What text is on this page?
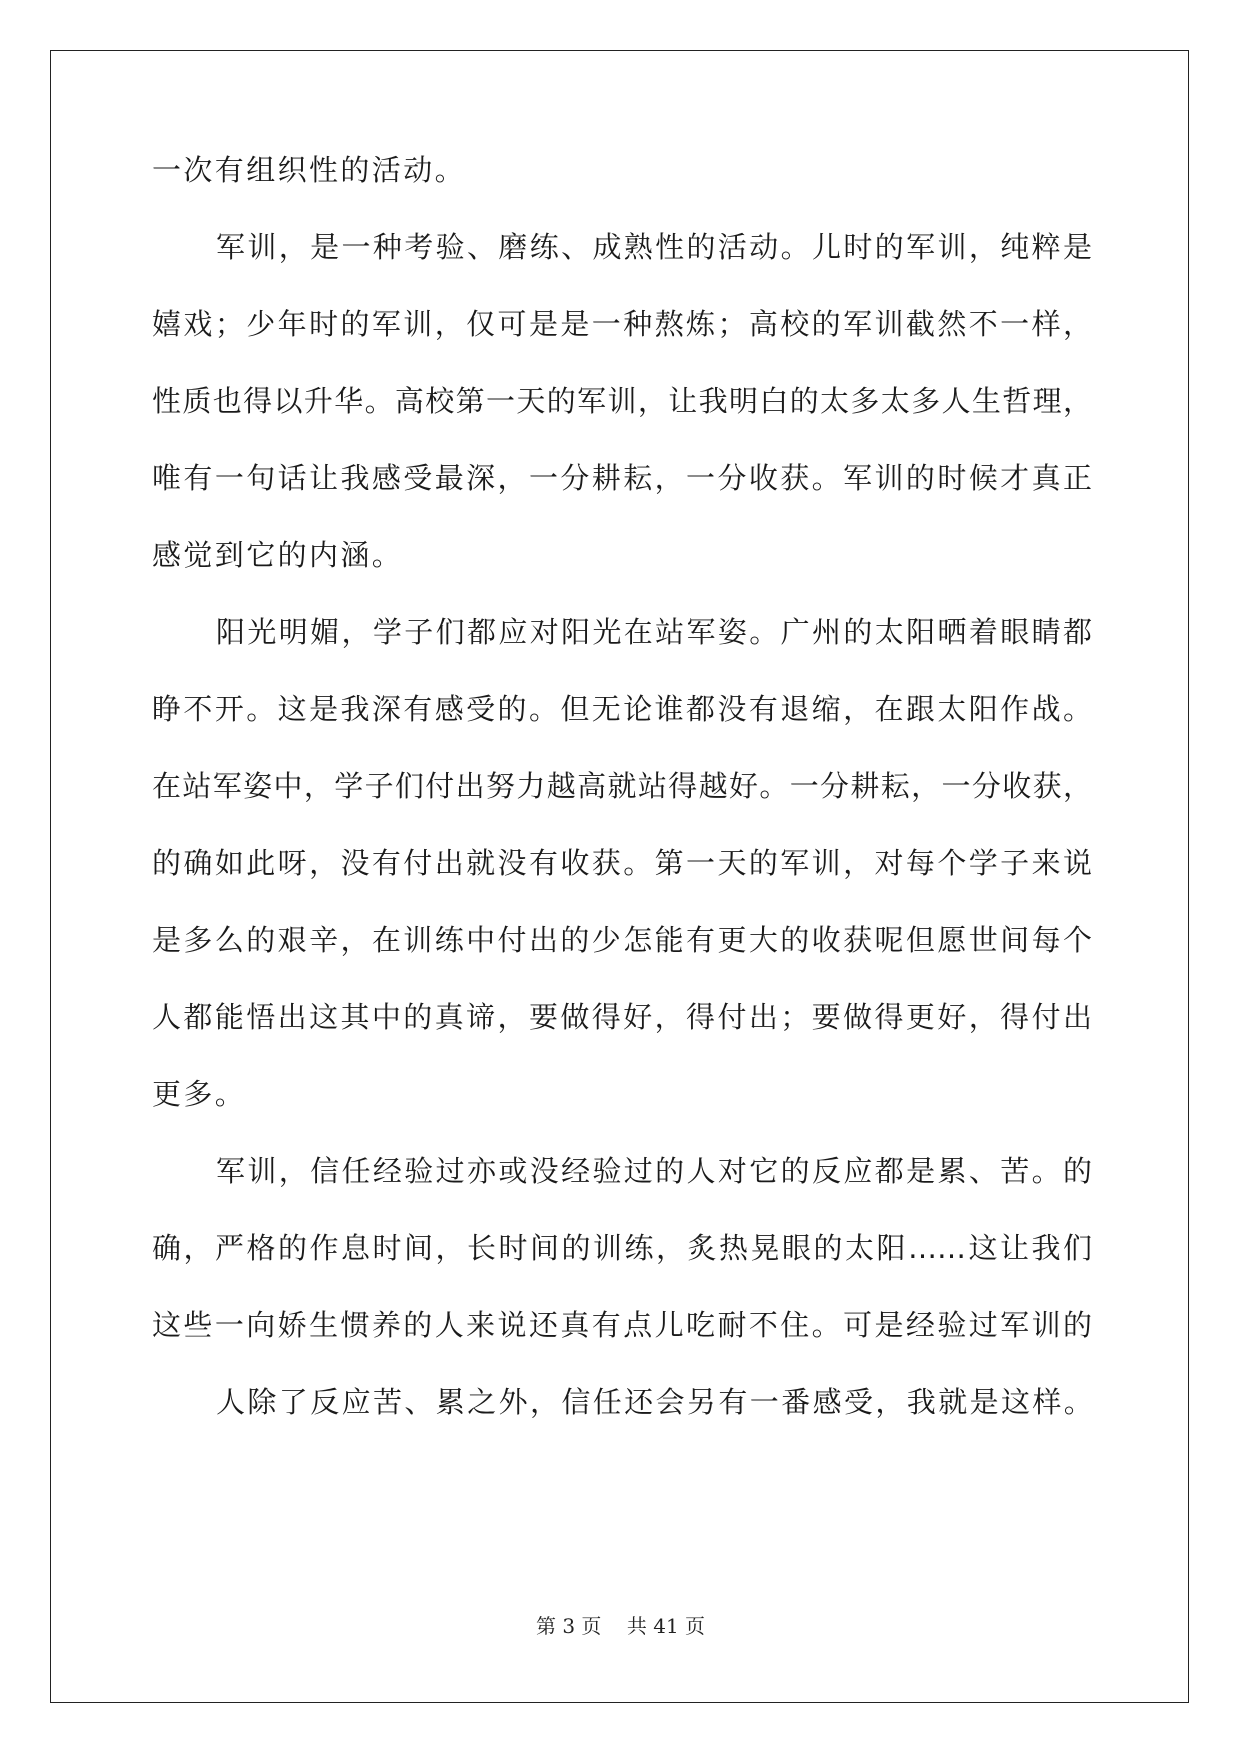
一次有组织性的活动。
军训，是一种考验、磨练、成熟性的活动。儿时的军训，纯粹是
嬉戏；少年时的军训，仅可是是一种熬炼；高校的军训截然不一样，
性质也得以升华。高校第一天的军训，让我明白的太多太多人生哲理，
唯有一句话让我感受最深，一分耕耘，一分收获。军训的时候才真正
感觉到它的内涵。
阳光明媚，学子们都应对阳光在站军姿。广州的太阳晒着眼睛都
睁不开。这是我深有感受的。但无论谁都没有退缩，在跟太阳作战。
在站军姿中，学子们付出努力越高就站得越好。一分耕耘，一分收获，
的确如此呀，没有付出就没有收获。第一天的军训，对每个学子来说
是多么的艰辛，在训练中付出的少怎能有更大的收获呢但愿世间每个
人都能悟出这其中的真谛，要做得好，得付出；要做得更好，得付出
更多。
军训，信任经验过亦或没经验过的人对它的反应都是累、苦。的
确，严格的作息时间，长时间的训练，炙热晃眼的太阳……这让我们
这些一向娇生惯养的人来说还真有点儿吃耐不住。可是经验过军训的
人除了反应苦、累之外，信任还会另有一番感受，我就是这样。
第 3 页 共 41 页
